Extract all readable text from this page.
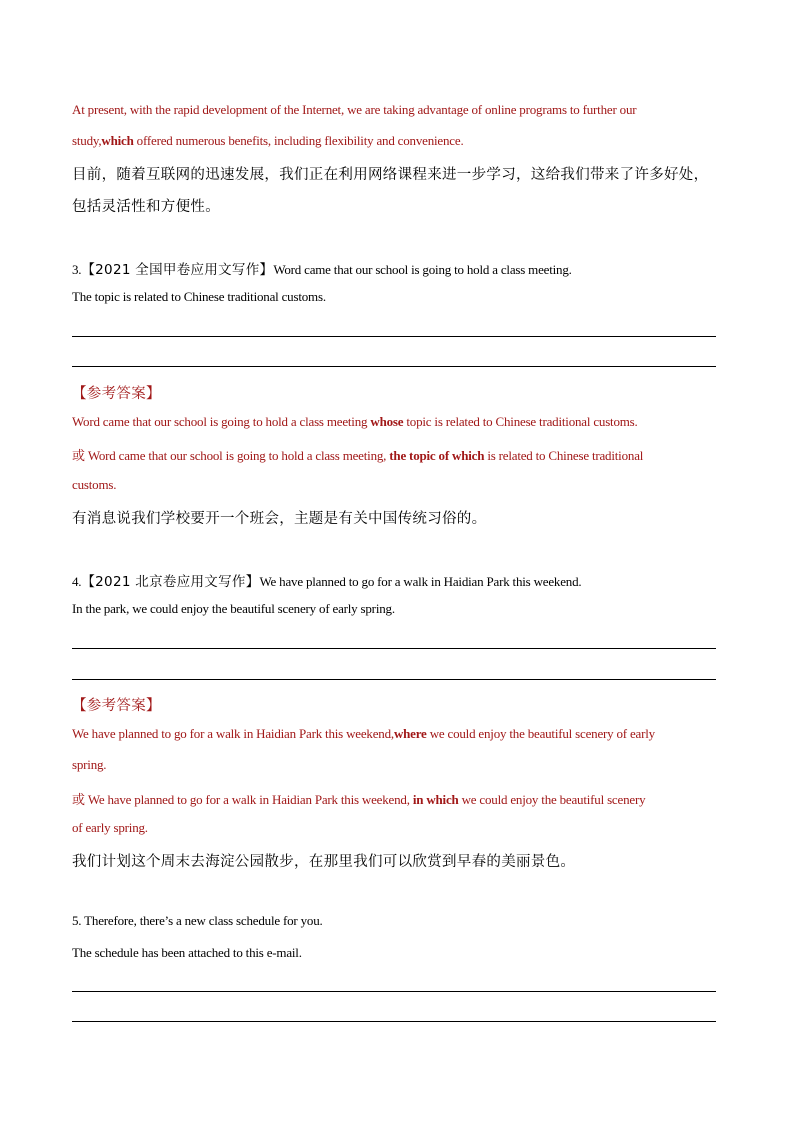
At present, with the rapid development of the Internet, we are taking advantage of online programs to further our
study,which offered numerous benefits, including flexibility and convenience.
目前，随着互联网的迅速发展，我们正在利用网络课程来进一步学习，这给我们带来了许多好处，
包括灵活性和方便性。
3.【2021 全国甲卷应用文写作】Word came that our school is going to hold a class meeting.
The topic is related to Chinese traditional customs.
【参考答案】
Word came that our school is going to hold a class meeting whose topic is related to Chinese traditional customs.
或 Word came that our school is going to hold a class meeting, the topic of which is related to Chinese traditional
customs.
有消息说我们学校要开一个班会，主题是有关中国传统习俗的。
4.【2021 北京卷应用文写作】We have planned to go for a walk in Haidian Park this weekend.
In the park, we could enjoy the beautiful scenery of early spring.
【参考答案】
We have planned to go for a walk in Haidian Park this weekend,where we could enjoy the beautiful scenery of early
spring.
或 We have planned to go for a walk in Haidian Park this weekend, in which we could enjoy the beautiful scenery
of early spring.
我们计划这个周末去海淀公园散步，在那里我们可以欣赏到早春的美丽景色。
5. Therefore, there’s a new class schedule for you.
The schedule has been attached to this e-mail.
